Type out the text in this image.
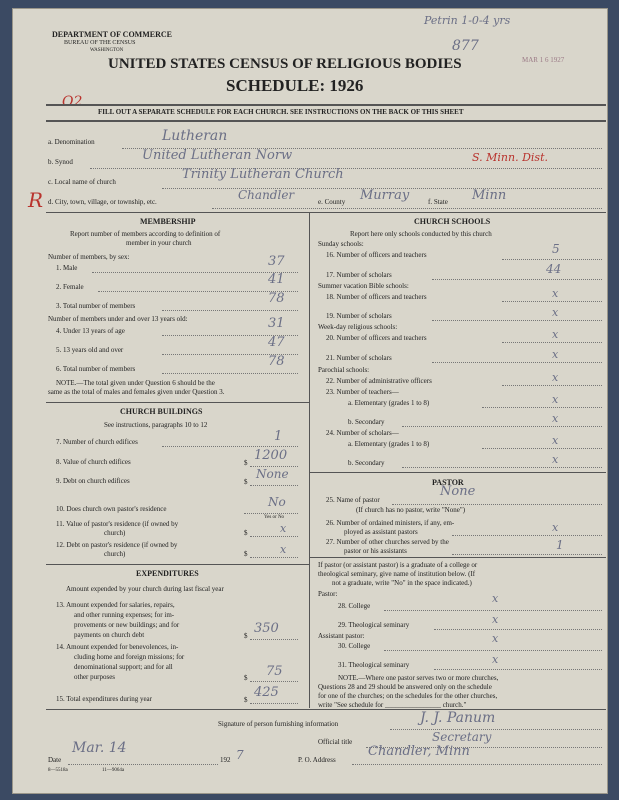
DEPARTMENT OF COMMERCE
BUREAU OF THE CENSUS
WASHINGTON
Petrin 1-0-4 yrs
877
MAR 1 6 1927
UNITED STATES CENSUS OF RELIGIOUS BODIES
SCHEDULE: 1926
O2
FILL OUT A SEPARATE SCHEDULE FOR EACH CHURCH. SEE INSTRUCTIONS ON THE BACK OF THIS SHEET
a. Denomination	Lutheran
b. Synod	United Lutheran Norw	S. Minn. Dist.
c. Local name of church	Trinity Lutheran Church
R d. City, town, village, or township, etc.	Chandler	e. County Murray	f. State Minn
MEMBERSHIP
Report number of members according to definition of
member in your church
Number of members, by sex:
1. Male	37
2. Female	41
3. Total number of members	78
Number of members under and over 13 years old:
4. Under 13 years of age	31
5. 13 years old and over	47
6. Total number of members	78
NOTE.—The total given under Question 6 should be the
same as the total of males and females given under Question 3.
CHURCH BUILDINGS
See instructions, paragraphs 10 to 12
7. Number of church edifices	1
8. Value of church edifices	$ 1200
9. Debt on church edifices	$
None
10. Does church own pastor's residence	No
Yes or No
11. Value of pastor's residence (if owned by
church)	$	x
12. Debt on pastor's residence (if owned by
church)	$	x
EXPENDITURES
Amount expended by your church during last fiscal year
13. Amount expended for salaries, repairs,
and other running expenses; for im-
provements or new buildings; and for
payments on church debt	$ 350
14. Amount expended for benevolences, in-
cluding home and foreign missions; for
denominational support; and for all
other purposes	$ 75
15. Total expenditures during year	$ 425
CHURCH SCHOOLS
Report here only schools conducted by this church
Sunday schools:
16. Number of officers and teachers	5
17. Number of scholars	44
Summer vacation Bible schools:
18. Number of officers and teachers	x
19. Number of scholars	x
Week-day religious schools:
20. Number of officers and teachers	x
21. Number of scholars	x
Parochial schools:
22. Number of administrative officers	x
23. Number of teachers—
a. Elementary (grades 1 to 8)	x
b. Secondary	x
24. Number of scholars—
a. Elementary (grades 1 to 8)	x
b. Secondary	x
PASTOR
25. Name of pastor
None
(If church has no pastor, write "None")
26. Number of ordained ministers, if any, em-
ployed as assistant pastors	x
27. Number of other churches served by the
pastor or his assistants	1
If pastor (or assistant pastor) is a graduate of a college or
theological seminary, give name of institution below. (If
not a graduate, write "No" in the space indicated.)
Pastor:
28. College
x
29. Theological seminary	x
Assistant pastor:
30. College
x
31. Theological seminary	x
NOTE.—Where one pastor serves two or more churches,
Questions 28 and 29 should be answered only on the schedule
for one of the churches; on the schedules for the other churches,
write "See schedule for ________________ church."
Signature of person furnishing information	J. J. Panum
Official title	Secretary
Date
Mar. 14
192 7	P. O. Address
Chandler, Minn
8—5518a	11—9064a
